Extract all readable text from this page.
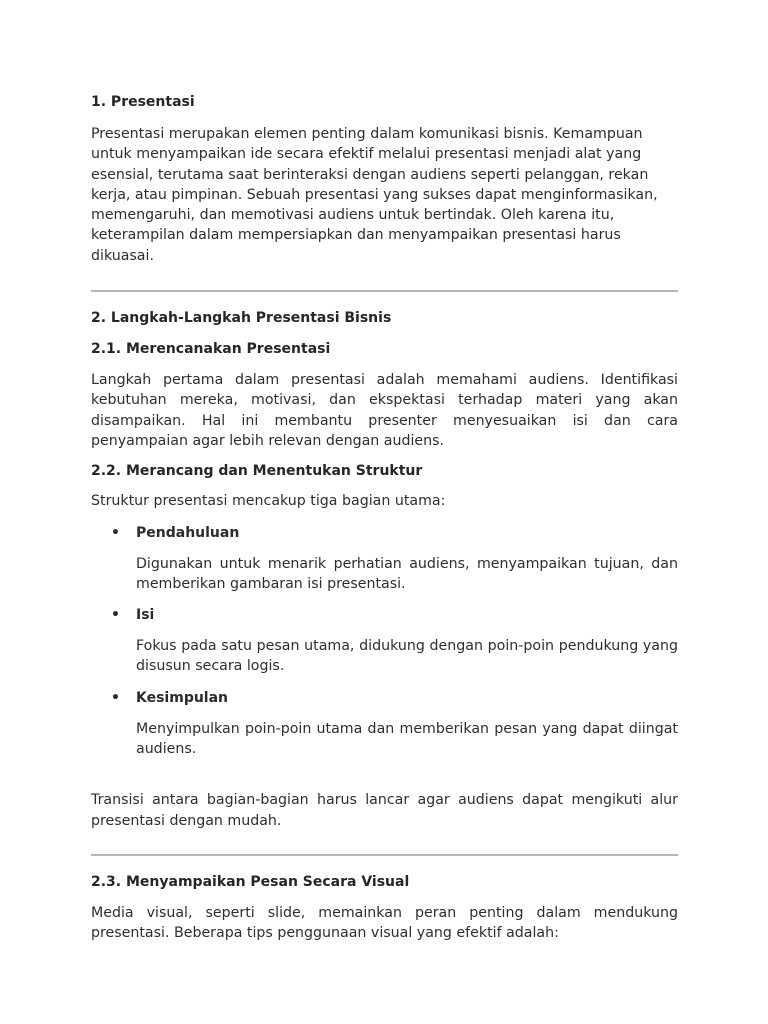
1. Presentasi

Presentasi merupakan elemen penting dalam komunikasi bisnis. Kemampuan untuk menyampaikan ide secara efektif melalui presentasi menjadi alat yang esensial, terutama saat berinteraksi dengan audiens seperti pelanggan, rekan kerja, atau pimpinan. Sebuah presentasi yang sukses dapat menginformasikan, memengaruhi, dan memotivasi audiens untuk bertindak. Oleh karena itu, keterampilan dalam mempersiapkan dan menyampaikan presentasi harus dikuasai.

2. Langkah-Langkah Presentasi Bisnis
2.1. Merencanakan Presentasi

Langkah pertama dalam presentasi adalah memahami audiens. Identifikasi kebutuhan mereka, motivasi, dan ekspektasi terhadap materi yang akan disampaikan. Hal ini membantu presenter menyesuaikan isi dan cara penyampaian agar lebih relevan dengan audiens.

2.2. Merancang dan Menentukan Struktur

Struktur presentasi mencakup tiga bagian utama:

• Pendahuluan

Digunakan untuk menarik perhatian audiens, menyampaikan tujuan, dan memberikan gambaran isi presentasi.

• Isi

Fokus pada satu pesan utama, didukung dengan poin-poin pendukung yang disusun secara logis.

• Kesimpulan

Menyimpulkan poin-poin utama dan memberikan pesan yang dapat diingat audiens.

Transisi antara bagian-bagian harus lancar agar audiens dapat mengikuti alur presentasi dengan mudah.

2.3. Menyampaikan Pesan Secara Visual

Media visual, seperti slide, memainkan peran penting dalam mendukung presentasi. Beberapa tips penggunaan visual yang efektif adalah:
